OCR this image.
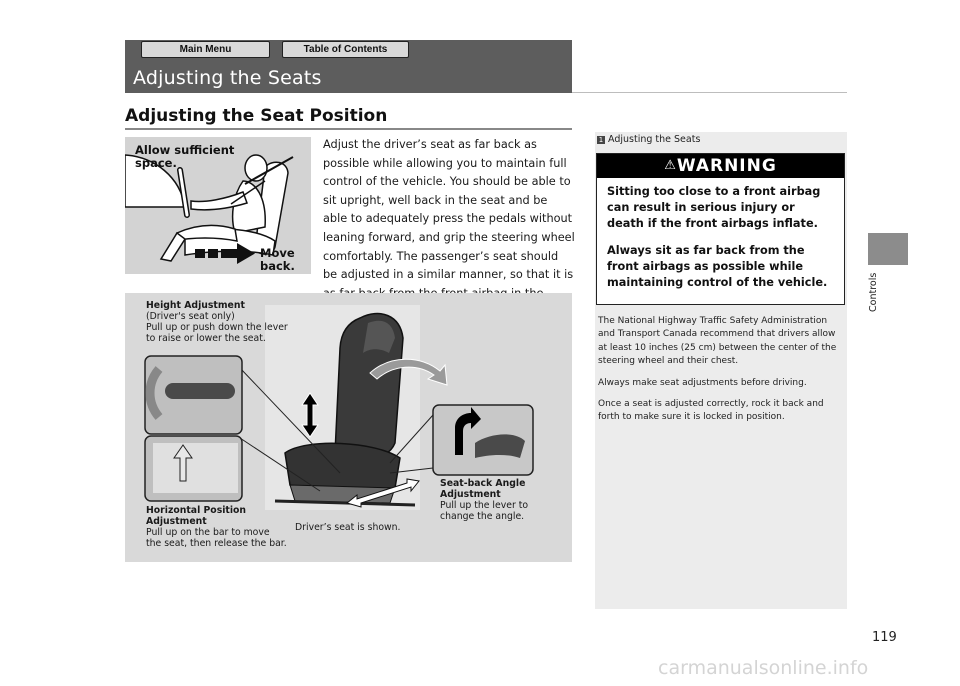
Main Menu	Table of Contents
Adjusting the Seats
Adjusting the Seat Position
Allow sufficient space.
Move back.
Adjust the driver’s seat as far back as possible while allowing you to maintain full control of the vehicle. You should be able to sit upright, well back in the seat and be able to adequately press the pedals without leaning forward, and grip the steering wheel comfortably. The passenger’s seat should be adjusted in a similar manner, so that it is
Height Adjustment
(Driver's seat only)
Pull up or push down the lever
to raise or lower the seat.
Horizontal Position
Adjustment
Pull up on the bar to move
the seat, then release the bar.
Seat-back Angle
Adjustment
Pull up the lever to
change the angle.
Driver’s seat is shown.
1 Adjusting the Seats
⚠WARNING

Sitting too close to a front airbag can result in serious injury or death if the front airbags inflate.

Always sit as far back from the front airbags as possible while maintaining control of the vehicle.

The National Highway Traffic Safety Administration and Transport Canada recommend that drivers allow at least 10 inches (25 cm) between the center of the steering wheel and their chest.

Always make seat adjustments before driving.

Once a seat is adjusted correctly, rock it back and forth to make sure it is locked in position.

Controls
119
carmanualsonline.info
